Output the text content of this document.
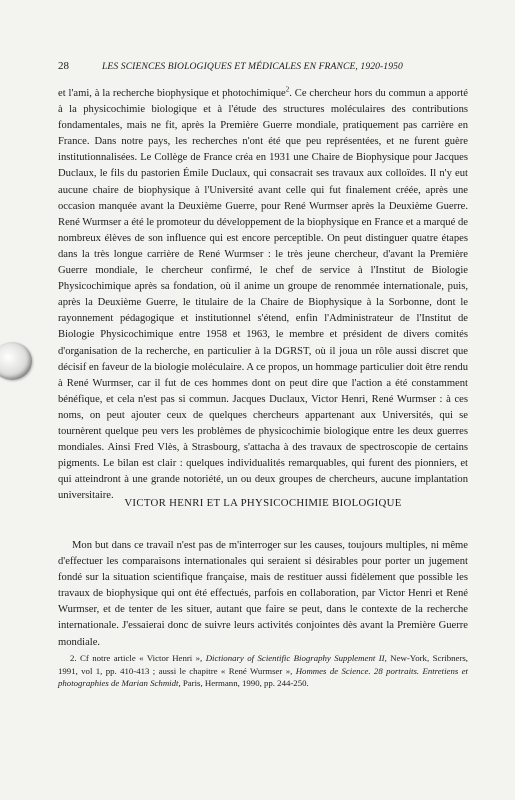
28	LES SCIENCES BIOLOGIQUES ET MÉDICALES EN FRANCE, 1920-1950

et l'ami, à la recherche biophysique et photochimique$^2$. Ce chercheur hors du commun a apporté à la physicochimie biologique et à l'étude des structures moléculaires des contributions fondamentales, mais ne fit, après la Première Guerre mondiale, pratiquement pas carrière en France. Dans notre pays, les recherches n'ont été que peu représentées, et ne furent guère institutionnalisées. Le Collège de France créa en 1931 une Chaire de Biophysique pour Jacques Duclaux, le fils du pastorien Émile Duclaux, qui consacrait ses travaux aux colloïdes. Il n'y eut aucune chaire de biophysique à l'Université avant celle qui fut finalement créée, après une occasion manquée avant la Deuxième Guerre, pour René Wurmser après la Deuxième Guerre. René Wurmser a été le promoteur du développement de la biophysique en France et a marqué de nombreux élèves de son influence qui est encore perceptible. On peut distinguer quatre étapes dans la très longue carrière de René Wurmser : le très jeune chercheur, d'avant la Première Guerre mondiale, le chercheur confirmé, le chef de service à l'Institut de Biologie Physicochimique après sa fondation, où il anime un groupe de renommée internationale, puis, après la Deuxième Guerre, le titulaire de la Chaire de Biophysique à la Sorbonne, dont le rayonnement pédagogique et institutionnel s'étend, enfin l'Administrateur de l'Institut de Biologie Physicochimique entre 1958 et 1963, le membre et président de divers comités d'organisation de la recherche, en particulier à la DGRST, où il joua un rôle aussi discret que décisif en faveur de la biologie moléculaire. A ce propos, un hommage particulier doit être rendu à René Wurmser, car il fut de ces hommes dont on peut dire que l'action a été constamment bénéfique, et cela n'est pas si commun. Jacques Duclaux, Victor Henri, René Wurmser : à ces noms, on peut ajouter ceux de quelques chercheurs appartenant aux Universités, qui se tournèrent quelque peu vers les problèmes de physicochimie biologique entre les deux guerres mondiales. Ainsi Fred Vlès, à Strasbourg, s'attacha à des travaux de spectroscopie de certains pigments. Le bilan est clair : quelques individualités remarquables, qui furent des pionniers, et qui atteindront à une grande notoriété, un ou deux groupes de chercheurs, aucune implantation universitaire.

VICTOR HENRI ET LA PHYSICOCHIMIE BIOLOGIQUE

Mon but dans ce travail n'est pas de m'interroger sur les causes, toujours multiples, ni même d'effectuer les comparaisons internationales qui seraient si désirables pour porter un jugement fondé sur la situation scientifique française, mais de restituer aussi fidèlement que possible les travaux de biophysique qui ont été effectués, parfois en collaboration, par Victor Henri et René Wurmser, et de tenter de les situer, autant que faire se peut, dans le contexte de la recherche internationale. J'essaierai donc de suivre leurs activités conjointes dès avant la Première Guerre mondiale.

2. Cf notre article « Victor Henri », Dictionary of Scientific Biography Supplement II, New-York, Scribners, 1991, vol 1, pp. 410-413 ; aussi le chapitre « René Wurmser », Hommes de Science. 28 portraits. Entretiens et photographies de Marian Schmidt, Paris, Hermann, 1990, pp. 244-250.
